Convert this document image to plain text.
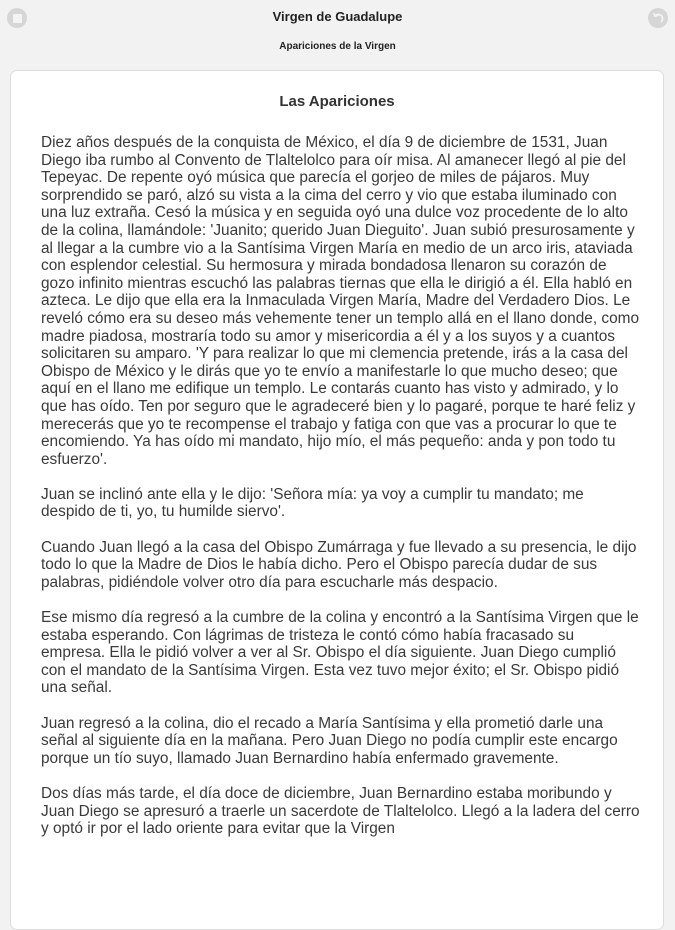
Virgen de Guadalupe
Apariciones de la Virgen
Las Apariciones

Diez años después de la conquista de México, el día 9 de diciembre de 1531, Juan Diego iba rumbo al Convento de Tlaltelolco para oír misa. Al amanecer llegó al pie del Tepeyac. De repente oyó música que parecía el gorjeo de miles de pájaros. Muy sorprendido se paró, alzó su vista a la cima del cerro y vio que estaba iluminado con una luz extraña. Cesó la música y en seguida oyó una dulce voz procedente de lo alto de la colina, llamándole: 'Juanito; querido Juan Dieguito'. Juan subió presurosamente y al llegar a la cumbre vio a la Santísima Virgen María en medio de un arco iris, ataviada con esplendor celestial. Su hermosura y mirada bondadosa llenaron su corazón de gozo infinito mientras escuchó las palabras tiernas que ella le dirigió a él. Ella habló en azteca. Le dijo que ella era la Inmaculada Virgen María, Madre del Verdadero Dios. Le reveló cómo era su deseo más vehemente tener un templo allá en el llano donde, como madre piadosa, mostraría todo su amor y misericordia a él y a los suyos y a cuantos solicitaren su amparo. 'Y para realizar lo que mi clemencia pretende, irás a la casa del Obispo de México y le dirás que yo te envío a manifestarle lo que mucho deseo; que aquí en el llano me edifique un templo. Le contarás cuanto has visto y admirado, y lo que has oído. Ten por seguro que le agradeceré bien y lo pagaré, porque te haré feliz y merecerás que yo te recompense el trabajo y fatiga con que vas a procurar lo que te encomiendo. Ya has oído mi mandato, hijo mío, el más pequeño: anda y pon todo tu esfuerzo'.

Juan se inclinó ante ella y le dijo: 'Señora mía: ya voy a cumplir tu mandato; me despido de ti, yo, tu humilde siervo'.

Cuando Juan llegó a la casa del Obispo Zumárraga y fue llevado a su presencia, le dijo todo lo que la Madre de Dios le había dicho. Pero el Obispo parecía dudar de sus palabras, pidiéndole volver otro día para escucharle más despacio.

Ese mismo día regresó a la cumbre de la colina y encontró a la Santísima Virgen que le estaba esperando. Con lágrimas de tristeza le contó cómo había fracasado su empresa. Ella le pidió volver a ver al Sr. Obispo el día siguiente. Juan Diego cumplió con el mandato de la Santísima Virgen. Esta vez tuvo mejor éxito; el Sr. Obispo pidió una señal.

Juan regresó a la colina, dio el recado a María Santísima y ella prometió darle una señal al siguiente día en la mañana. Pero Juan Diego no podía cumplir este encargo porque un tío suyo, llamado Juan Bernardino había enfermado gravemente.

Dos días más tarde, el día doce de diciembre, Juan Bernardino estaba moribundo y Juan Diego se apresuró a traerle un sacerdote de Tlaltelolco. Llegó a la ladera del cerro y optó ir por el lado oriente para evitar que la Virgen
